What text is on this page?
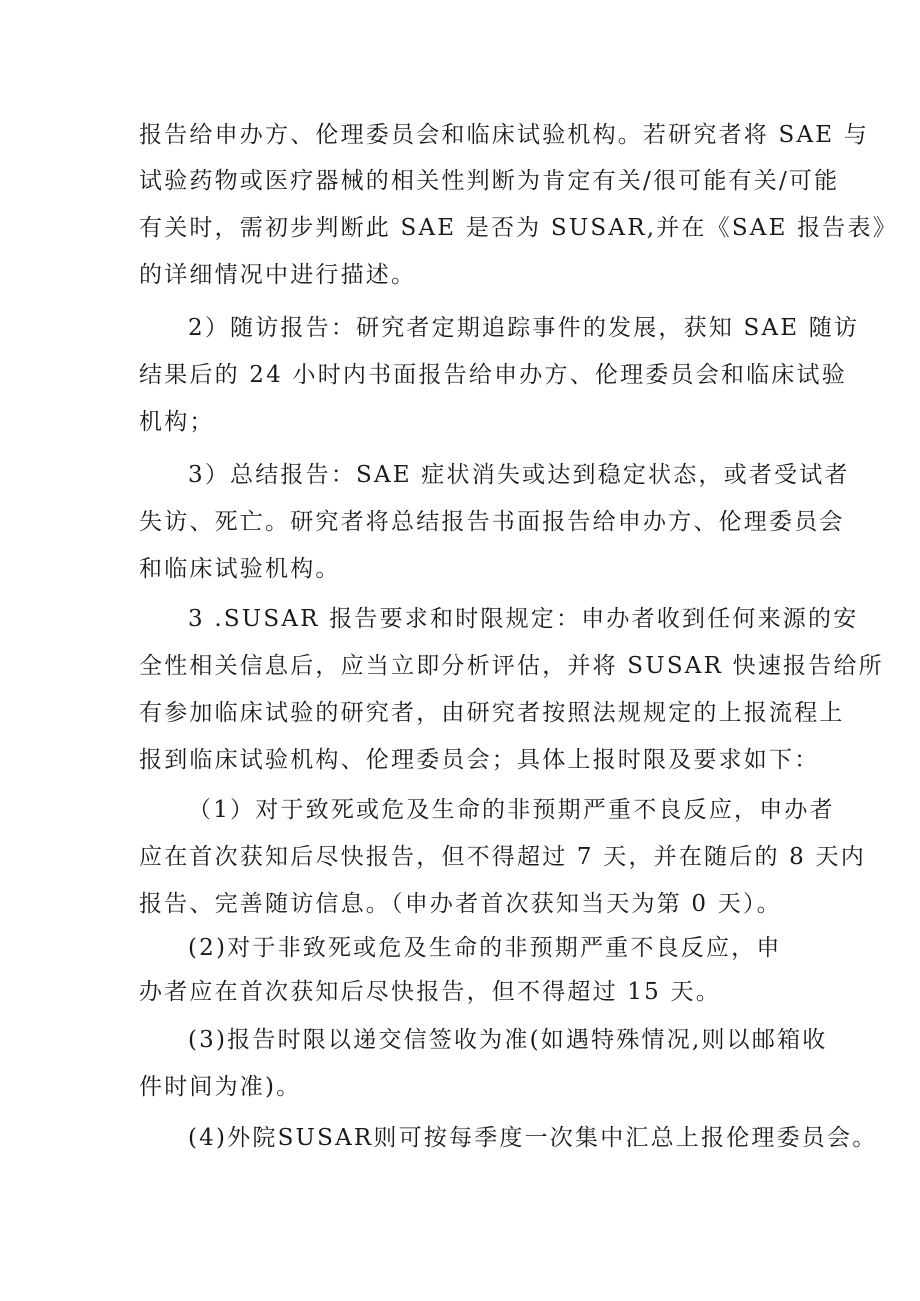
报告给申办方、伦理委员会和临床试验机构。若研究者将 SAE 与
试验药物或医疗器械的相关性判断为肯定有关/很可能有关/可能
有关时，需初步判断此 SAE 是否为 SUSAR,并在《SAE 报告表》
的详细情况中进行描述。
2）随访报告：研究者定期追踪事件的发展，获知 SAE 随访
结果后的 24 小时内书面报告给申办方、伦理委员会和临床试验
机构；
3）总结报告：SAE 症状消失或达到稳定状态，或者受试者
失访、死亡。研究者将总结报告书面报告给申办方、伦理委员会
和临床试验机构。
3 .SUSAR 报告要求和时限规定：申办者收到任何来源的安
全性相关信息后，应当立即分析评估，并将 SUSAR 快速报告给所
有参加临床试验的研究者，由研究者按照法规规定的上报流程上
报到临床试验机构、伦理委员会；具体上报时限及要求如下：
（1）对于致死或危及生命的非预期严重不良反应，申办者
应在首次获知后尽快报告，但不得超过 7 天，并在随后的 8 天内
报告、完善随访信息。（申办者首次获知当天为第 0 天）。
(2)对于非致死或危及生命的非预期严重不良反应，申
办者应在首次获知后尽快报告，但不得超过 15 天。
(3)报告时限以递交信签收为准(如遇特殊情况,则以邮箱收
件时间为准)。
(4)外院SUSAR则可按每季度一次集中汇总上报伦理委员会。
